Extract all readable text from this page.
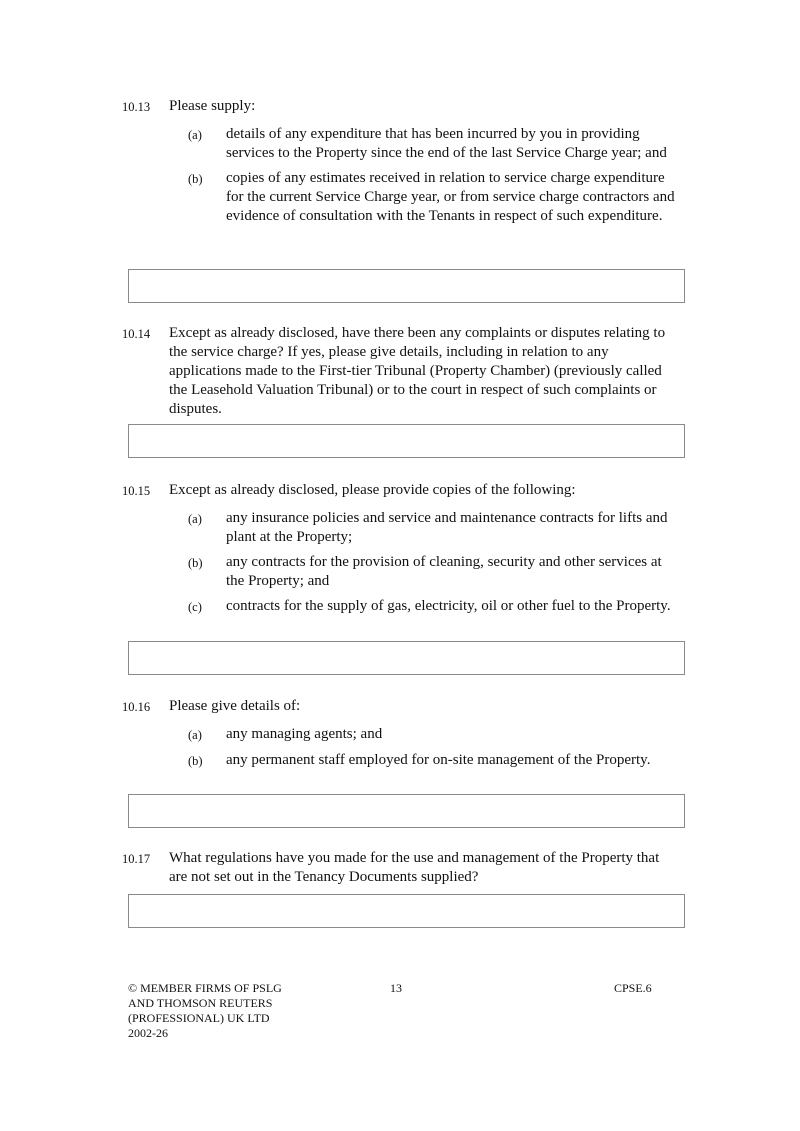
10.13	Please supply:
(a)	details of any expenditure that has been incurred by you in providing services to the Property since the end of the last Service Charge year; and
(b)	copies of any estimates received in relation to service charge expenditure for the current Service Charge year, or from service charge contractors and evidence of consultation with the Tenants in respect of such expenditure.
10.14	Except as already disclosed, have there been any complaints or disputes relating to the service charge? If yes, please give details, including in relation to any applications made to the First-tier Tribunal (Property Chamber) (previously called the Leasehold Valuation Tribunal) or to the court in respect of such complaints or disputes.
10.15	Except as already disclosed, please provide copies of the following:
(a)	any insurance policies and service and maintenance contracts for lifts and plant at the Property;
(b)	any contracts for the provision of cleaning, security and other services at the Property; and
(c)	contracts for the supply of gas, electricity, oil or other fuel to the Property.
10.16	Please give details of:
(a)	any managing agents; and
(b)	any permanent staff employed for on-site management of the Property.
10.17	What regulations have you made for the use and management of the Property that are not set out in the Tenancy Documents supplied?
© MEMBER FIRMS OF PSLG
AND THOMSON REUTERS
(PROFESSIONAL) UK LTD
2002-26
13	CPSE.6
